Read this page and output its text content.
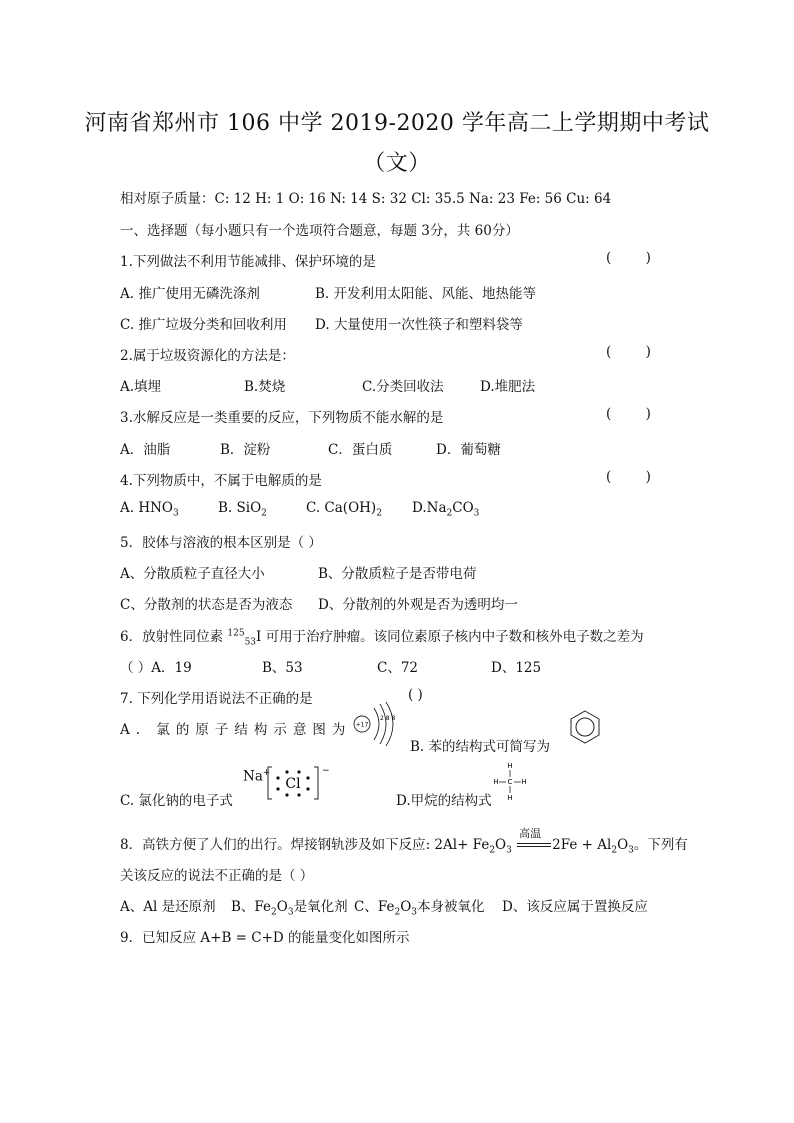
河南省郑州市 106 中学 2019-2020 学年高二上学期期中考试
（文）
相对原子质量：C: 12 H: 1 O: 16 N: 14 S: 32 Cl: 35.5 Na: 23 Fe: 56 Cu: 64
一、选择题（每小题只有一个选项符合题意，每题 3分，共 60分）
1.下列做法不利用节能减排、保护环境的是	(        )
A. 推广使用无磷洗涤剂	B. 开发利用太阳能、风能、地热能等
C. 推广垃圾分类和回收利用 D. 大量使用一次性筷子和塑料袋等
2.属于垃圾资源化的方法是：	(        )
A.填埋	B.焚烧	C.分类回收法	D.堆肥法
3.水解反应是一类重要的反应，下列物质不能水解的是	(        )
A．油脂	B．淀粉	C．蛋白质	D．葡萄糖
4.下列物质中，不属于电解质的是	(        )
A. $HNO_3$	B. SiO$_2$	C. $Ca(OH)_2$ $D.Na_2CO_3$
5．胶体与溶液的根本区别是（ ）
A、分散质粒子直径大小	B、分散质粒子是否带电荷
C、分散剂的状态是否为液态 D、分散剂的外观是否为透明均一
6．放射性同位素 $^{125}_{53}$I 可用于治疗肿瘤。该同位素原子核内中子数和核外电子数之差为
（ ）A．19	B、53	C、72	D、125
7. 下列化学用语说法不正确的是	( )
A. 氯的原子结构示意图为 +17
2 8 8
B. 苯的结构式可简写为
C. 氯化钠的电子式
Na+
Cl
−
D.甲烷的结构式
H
H C H
H
8．高铁方便了人们的出行。焊接钢轨涉及如下反应: $2Al+ Fe_2O_3$
高温
$2Fe + Al_2O_3$。下列有
关该反应的说法不正确的是（ ）
A、Al 是还原剂 B、$Fe_2O_3$是氧化剂 C、$Fe_2O_3$本身被氧化 D、该反应属于置换反应
9．已知反应 A+B = C+D 的能量变化如图所示
